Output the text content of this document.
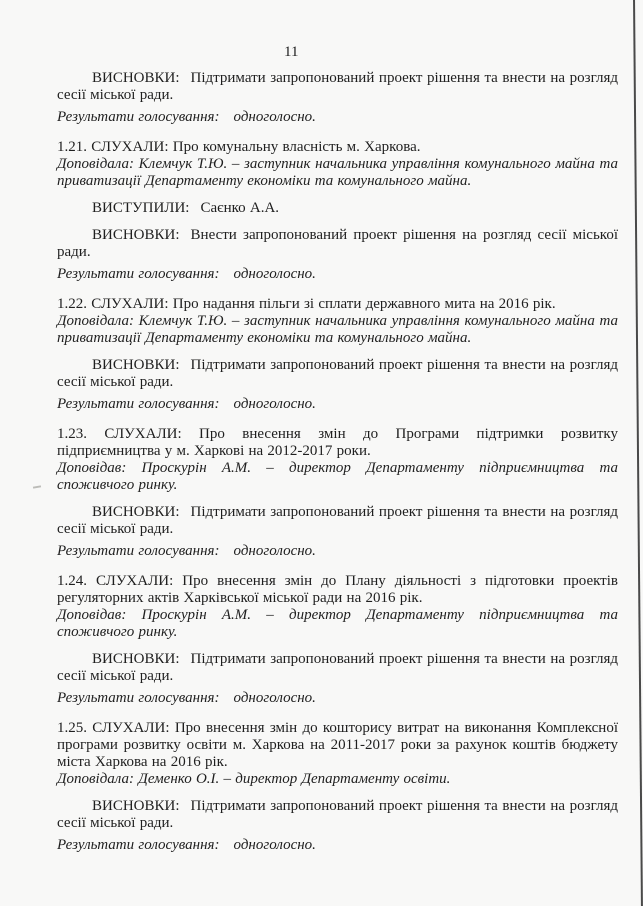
11

ВИСНОВКИ: Підтримати запропонований проект рішення та внести на розгляд сесії міської ради.

Результати голосування: одноголосно.

1.21. СЛУХАЛИ: Про комунальну власність м. Харкова.

Доповідала: Клемчук Т.Ю. – заступник начальника управління комунального майна та приватизації Департаменту економіки та комунального майна.

ВИСТУПИЛИ: Саєнко А.А.

ВИСНОВКИ: Внести запропонований проект рішення на розгляд сесії міської ради.

Результати голосування: одноголосно.

1.22. СЛУХАЛИ: Про надання пільги зі сплати державного мита на 2016 рік.

Доповідала: Клемчук Т.Ю. – заступник начальника управління комунального майна та приватизації Департаменту економіки та комунального майна.

ВИСНОВКИ: Підтримати запропонований проект рішення та внести на розгляд сесії міської ради.

Результати голосування: одноголосно.

1.23. СЛУХАЛИ: Про внесення змін до Програми підтримки розвитку підприємництва у м. Харкові на 2012-2017 роки.

Доповідав: Проскурін А.М. – директор Департаменту підприємництва та споживчого ринку.

ВИСНОВКИ: Підтримати запропонований проект рішення та внести на розгляд сесії міської ради.

Результати голосування: одноголосно.

1.24. СЛУХАЛИ: Про внесення змін до Плану діяльності з підготовки проектів регуляторних актів Харківської міської ради на 2016 рік.

Доповідав: Проскурін А.М. – директор Департаменту підприємництва та споживчого ринку.

ВИСНОВКИ: Підтримати запропонований проект рішення та внести на розгляд сесії міської ради.

Результати голосування: одноголосно.

1.25. СЛУХАЛИ: Про внесення змін до кошторису витрат на виконання Комплексної програми розвитку освіти м. Харкова на 2011-2017 роки за рахунок коштів бюджету міста Харкова на 2016 рік.

Доповідала: Деменко О.І. – директор Департаменту освіти.

ВИСНОВКИ: Підтримати запропонований проект рішення та внести на розгляд сесії міської ради.

Результати голосування: одноголосно.
